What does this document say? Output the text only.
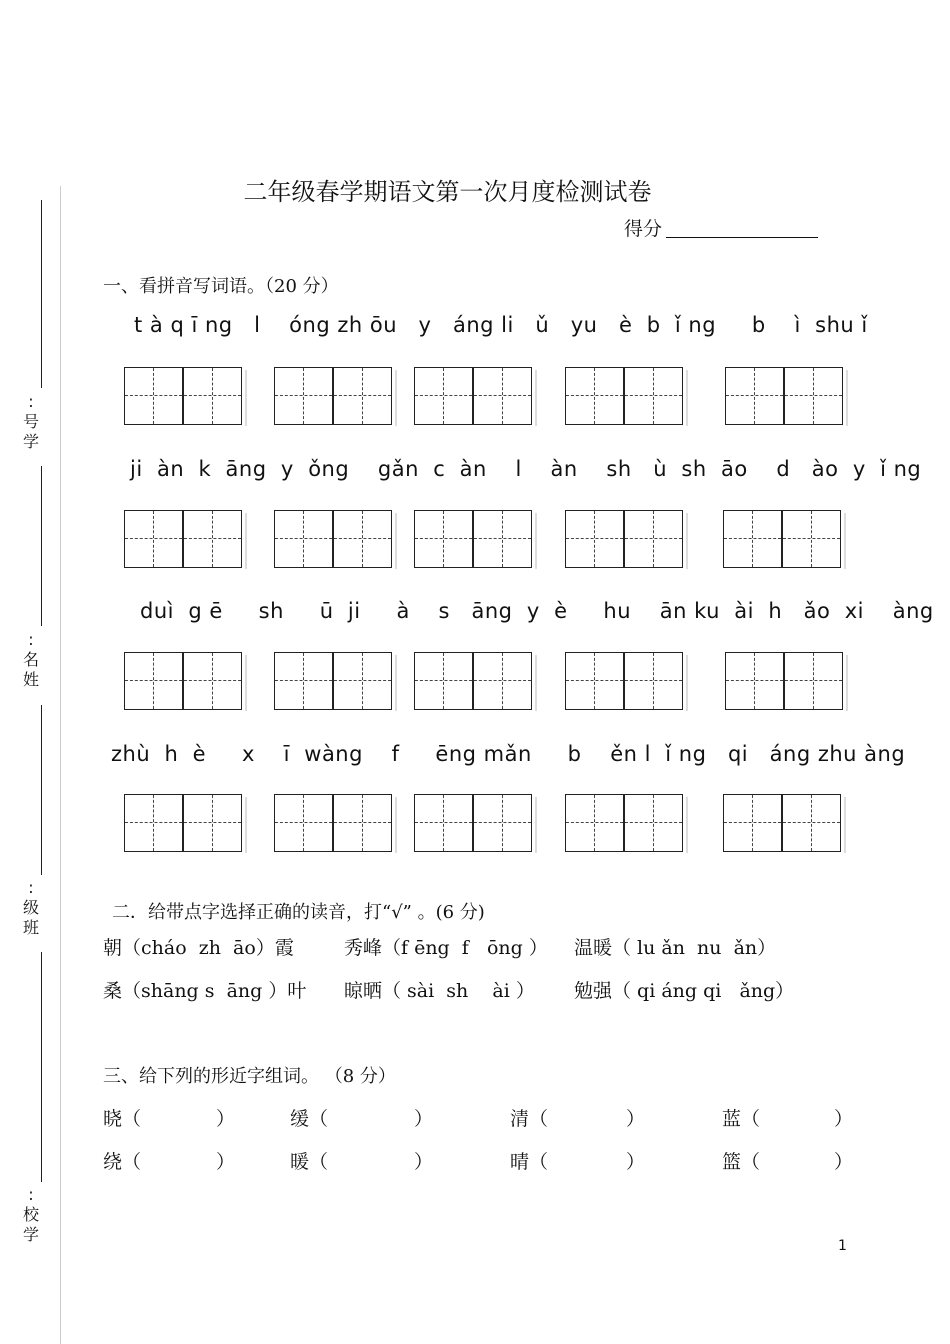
: 号学
: 名姓
: 级班
: 校学
二年级春学期语文第一次月度检测试卷
得分
一、看拼音写词语。（20 分）
t à q ī ng   l    óng zh ōu   y   áng li   ǔ   yu   è  b  ǐ ng     b    ì  shu ǐ
ji  àn  k  āng  y  ǒng    gǎn  c  àn    l    àn    sh   ù  sh  āo    d   ào  y  ǐ ng
duì  g ē     sh     ū  ji     à    s   āng  y  è     hu    ān ku  ài  h   ǎo  xi    àng
zhù  h  è     x    ī  wàng    f     ēng mǎn     b    ěn l  ǐ ng   qi   áng zhu àng
二．给带点字选择正确的读音，打“√” 。(6 分)
朝（cháo  zh  āo）霞	秀峰（f ēng  f   ōng ） 温暖（ lu ǎn  nu  ǎn）
桑（shāng s  āng ）叶 晾晒（ sài  sh    ài ） 勉强（ qi áng qi   ǎng）
三、给下列的形近字组词。 （8 分）
晓（	）	缓（	）	清（	）	蓝（	）
绕（	）	暖（	）	晴（	）	篮（	）
1
